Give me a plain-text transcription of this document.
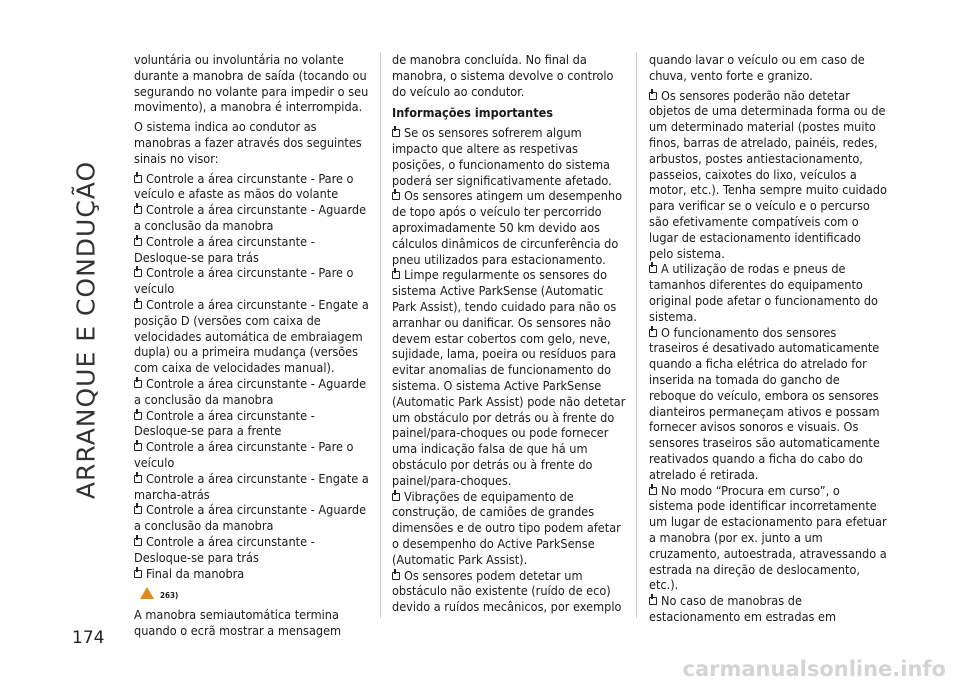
ARRANQUE E CONDUÇÃO
174

voluntária ou involuntária no volante durante a manobra de saída (tocando ou segurando no volante para impedir o seu movimento), a manobra é interrompida.

O sistema indica ao condutor as manobras a fazer através dos seguintes sinais no visor:

Controle a área circunstante - Pare o veículo e afaste as mãos do volante
Controle a área circunstante - Aguarde a conclusão da manobra
Controle a área circunstante - Desloque-se para trás
Controle a área circunstante - Pare o veículo
Controle a área circunstante - Engate a posição D (versões com caixa de velocidades automática de embraiagem dupla) ou a primeira mudança (versões com caixa de velocidades manual).
Controle a área circunstante - Aguarde a conclusão da manobra
Controle a área circunstante - Desloque-se para a frente
Controle a área circunstante - Pare o veículo
Controle a área circunstante - Engate a marcha-atrás
Controle a área circunstante - Aguarde a conclusão da manobra
Controle a área circunstante - Desloque-se para trás
Final da manobra
263)

A manobra semiautomática termina quando o ecrã mostrar a mensagem

de manobra concluída. No final da manobra, o sistema devolve o controlo do veículo ao condutor.

Informações importantes
Se os sensores sofrerem algum impacto que altere as respetivas posições, o funcionamento do sistema poderá ser significativamente afetado.
Os sensores atingem um desempenho de topo após o veículo ter percorrido aproximadamente 50 km devido aos cálculos dinâmicos de circunferência do pneu utilizados para estacionamento.
Limpe regularmente os sensores do sistema Active ParkSense (Automatic Park Assist), tendo cuidado para não os arranhar ou danificar. Os sensores não devem estar cobertos com gelo, neve, sujidade, lama, poeira ou resíduos para evitar anomalias de funcionamento do sistema. O sistema Active ParkSense (Automatic Park Assist) pode não detetar um obstáculo por detrás ou à frente do painel/para-choques ou pode fornecer uma indicação falsa de que há um obstáculo por detrás ou à frente do painel/para-choques.
Vibrações de equipamento de construção, de camiões de grandes dimensões e de outro tipo podem afetar o desempenho do Active ParkSense (Automatic Park Assist).
Os sensores podem detetar um obstáculo não existente (ruído de eco) devido a ruídos mecânicos, por exemplo

quando lavar o veículo ou em caso de chuva, vento forte e granizo.

Os sensores poderão não detetar objetos de uma determinada forma ou de um determinado material (postes muito finos, barras de atrelado, painéis, redes, arbustos, postes antiestacionamento, passeios, caixotes do lixo, veículos a motor, etc.). Tenha sempre muito cuidado para verificar se o veículo e o percurso são efetivamente compatíveis com o lugar de estacionamento identificado pelo sistema.
A utilização de rodas e pneus de tamanhos diferentes do equipamento original pode afetar o funcionamento do sistema.
O funcionamento dos sensores traseiros é desativado automaticamente quando a ficha elétrica do atrelado for inserida na tomada do gancho de reboque do veículo, embora os sensores dianteiros permaneçam ativos e possam fornecer avisos sonoros e visuais. Os sensores traseiros são automaticamente reativados quando a ficha do cabo do atrelado é retirada.
No modo “Procura em curso”, o sistema pode identificar incorretamente um lugar de estacionamento para efetuar a manobra (por ex. junto a um cruzamento, autoestrada, atravessando a estrada na direção de deslocamento, etc.).
No caso de manobras de estacionamento em estradas em
carmanualsonline.info
